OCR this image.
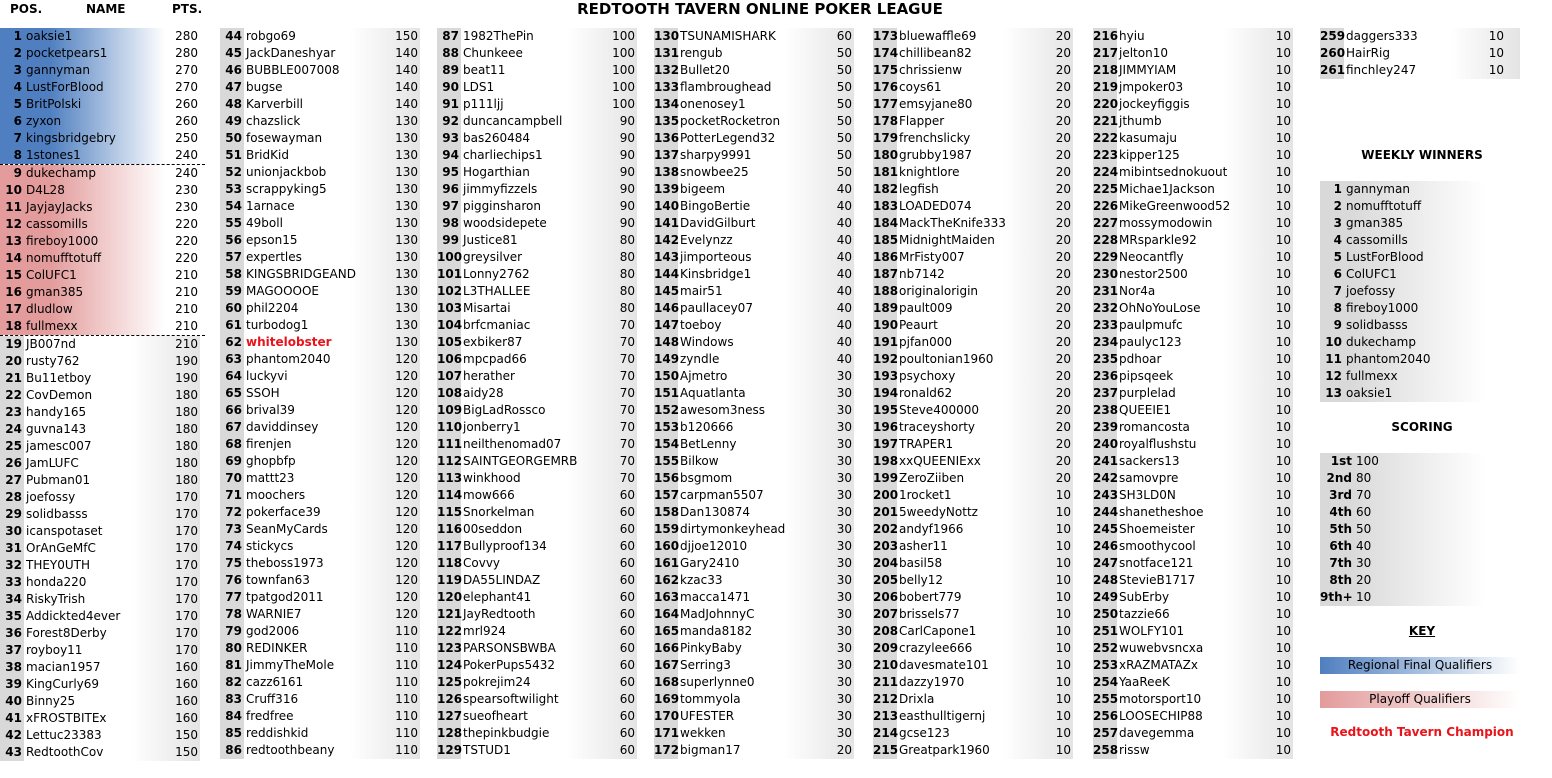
REDTOOTH TAVERN ONLINE POKER LEAGUE
POS.	NAME	PTS.
1 oaksie1	280
2 pocketpears1	280
3 gannyman	270
4 LustForBlood	270
5 BritPolski	260
6 zyxon	260
7 kingsbridgebry	250
8 1stones1	240
9 dukechamp	240
10 D4L28	230
11 JayjayJacks	230
12 cassomills	220
13 fireboy1000	220
14 nomufftotuff	220
15 ColUFC1	210
16 gman385	210
17 dludlow	210
18 fullmexx	210
19 JB007nd	210
20 rusty762	190
21 Bu11etboy	190
22 CovDemon	180
23 handy165	180
24 guvna143	180
25 jamesc007	180
26 JamLUFC	180
27 Pubman01	180
28 joefossy	170
29 solidbasss	170
30 icanspotaset	170
31 OrAnGeMfC	170
32 THEY0UTH	170
33 honda220	170
34 RiskyTrish	170
35 Addickted4ever	170
36 Forest8Derby	170
37 royboy11	170
38 macian1957	160
39 KingCurly69	160
40 Binny25	160
41 xFROSTBITEx	160
42 Lettuc23383	150
43 RedtoothCov	150
44 robgo69	150
45 JackDaneshyar	140
46 BUBBLE007008	140
47 bugse	140
48 Karverbill	140
49 chazslick	130
50 fosewayman	130
51 BridKid	130
52 unionjackbob	130
53 scrappyking5	130
54 1arnace	130
55 49boll	130
56 epson15	130
57 expertles	130
58 KINGSBRIDGEAND	130
59 MAGOOOOE	130
60 phil2204	130
61 turbodog1	130
62 whitelobster	130
63 phantom2040	120
64 luckyvi	120
65 SSOH	120
66 brival39	120
67 daviddinsey	120
68 firenjen	120
69 ghopbfp	120
70 mattt23	120
71 moochers	120
72 pokerface39	120
73 SeanMyCards	120
74 stickycs	120
75 theboss1973	120
76 townfan63	120
77 tpatgod2011	120
78 WARNIE7	120
79 god2006	110
80 REDINKER	110
81 JimmyTheMole	110
82 cazz6161	110
83 Cruff316	110
84 fredfree	110
85 reddishkid	110
86 redtoothbeany	110
87 1982ThePin	100
88 Chunkeee	100
89 beat11	100
90 LDS1	100
91 p111ljj	100
92 duncancampbell	90
93 bas260484	90
94 charliechips1	90
95 Hogarthian	90
96 jimmyfizzels	90
97 pigginsharon	90
98 woodsidepete	90
99 Justice81	80
100 greysilver	80
101 Lonny2762	80
102 L3THALLEE	80
103 Misartai	80
104 brfcmaniac	70
105 exbiker87	70
106 mpcpad66	70
107 herather	70
108 aidy28	70
109 BigLadRossco	70
110 jonberry1	70
111 neilthenomad07	70
112 SAINTGEORGEMRB	70
113 winkhood	70
114 mow666	60
115 Snorkelman	60
116 00seddon	60
117 Bullyproof134	60
118 Covvy	60
119 DA55LINDAZ	60
120 elephant41	60
121 JayRedtooth	60
122 mrl924	60
123 PARSONSBWBA	60
124 PokerPups5432	60
125 pokrejim24	60
126 spearsoftwilight	60
127 sueofheart	60
128 thepinkbudgie	60
129 TSTUD1	60
130 TSUNAMISHARK	60
131 rengub	50
132 Bullet20	50
133 flambroughead	50
134 onenosey1	50
135 pocketRocketron	50
136 PotterLegend32	50
137 sharpy9991	50
138 snowbee25	50
139 bigeem	40
140 BingoBertie	40
141 DavidGilburt	40
142 Evelynzz	40
143 jimporteous	40
144 Kinsbridge1	40
145 mair51	40
146 paullacey07	40
147 toeboy	40
148 Windows	40
149 zyndle	40
150 Ajmetro	30
151 Aquatlanta	30
152 awesom3ness	30
153 b120666	30
154 BetLenny	30
155 Bilkow	30
156 bsgmom	30
157 carpman5507	30
158 Dan130874	30
159 dirtymonkeyhead	30
160 djjoe12010	30
161 Gary2410	30
162 kzac33	30
163 macca1471	30
164 MadJohnnyC	30
165 manda8182	30
166 PinkyBaby	30
167 Serring3	30
168 superlynne0	30
169 tommyola	30
170 UFESTER	30
171 wekken	30
172 bigman17	20
173 bluewaffle69	20
174 chillibean82	20
175 chrissienw	20
176 coys61	20
177 emsyjane80	20
178 Flapper	20
179 frenchslicky	20
180 grubby1987	20
181 knightlore	20
182 legfish	20
183 LOADED074	20
184 MackTheKnife333	20
185 MidnightMaiden	20
186 MrFisty007	20
187 nb7142	20
188 originalorigin	20
189 pault009	20
190 Peaurt	20
191 pjfan000	20
192 poultonian1960	20
193 psychoxy	20
194 ronald62	20
195 Steve400000	20
196 traceyshorty	20
197 TRAPER1	20
198 xxQUEENIExx	20
199 ZeroZiiben	20
200 1rocket1	10
201 5weedyNottz	10
202 andyf1966	10
203 asher11	10
204 basil58	10
205 belly12	10
206 bobert779	10
207 brissels77	10
208 CarlCapone1	10
209 crazylee666	10
210 davesmate101	10
211 dazzy1970	10
212 Drixla	10
213 easthulltigernj	10
214 gcse123	10
215 Greatpark1960	10
216 hyiu	10
217 jelton10	10
218 JIMMYIAM	10
219 jmpoker03	10
220 jockeyfiggis	10
221 jthumb	10
222 kasumaju	10
223 kipper125	10
224 mibintsednokuout	10
225 Michae1Jackson	10
226 MikeGreenwood52	10
227 mossymodowin	10
228 MRsparkle92	10
229 Neocantfly	10
230 nestor2500	10
231 Nor4a	10
232 OhNoYouLose	10
233 paulpmufc	10
234 paulyc123	10
235 pdhoar	10
236 pipsqeek	10
237 purplelad	10
238 QUEEIE1	10
239 romancosta	10
240 royalflushstu	10
241 sackers13	10
242 samovpre	10
243 SH3LD0N	10
244 shanetheshoe	10
245 Shoemeister	10
246 smoothycool	10
247 snotface121	10
248 StevieB1717	10
249 SubErby	10
250 tazzie66	10
251 WOLFY101	10
252 wuwebvsncxa	10
253 xRAZMATAZx	10
254 YaaReeK	10
255 motorsport10	10
256 LOOSECHIP88	10
257 davegemma	10
258 rissw	10
259 daggers333	10
260 HairRig	10
261 finchley247	10
WEEKLY WINNERS
SCORING
KEY
Regional Final Qualifiers
Playoff Qualifiers
Redtooth Tavern Champion
1 gannyman
2 nomufftotuff
3 gman385
4 cassomills
5 LustForBlood
6 ColUFC1
7 joefossy
8 fireboy1000
9 solidbasss
10 dukechamp
11 phantom2040
12 fullmexx
13 oaksie1
1st 100
2nd 80
3rd 70
4th 60
5th 50
6th 40
7th 30
8th 20
9th+ 10
